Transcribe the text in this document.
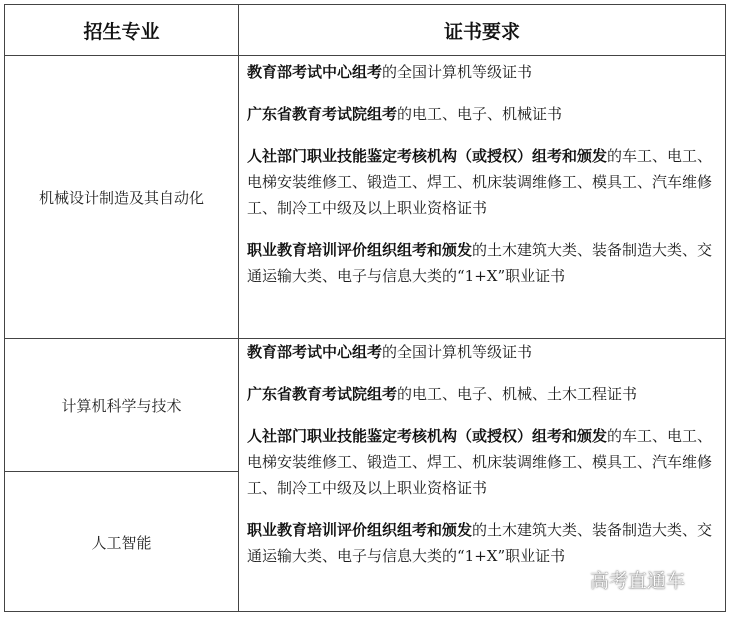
招生专业	证书要求
机械设计制造及其自动化
计算机科学与技术
人工智能

教育部考试中心组考的全国计算机等级证书

广东省教育考试院组考的电工、电子、机械证书

人社部门职业技能鉴定考核机构（或授权）组考和颁发的车工、电工、电梯安装维修工、锻造工、焊工、机床装调维修工、模具工、汽车维修工、制冷工中级及以上职业资格证书

职业教育培训评价组织组考和颁发的土木建筑大类、装备制造大类、交通运输大类、电子与信息大类的“1+X”职业证书

教育部考试中心组考的全国计算机等级证书

广东省教育考试院组考的电工、电子、机械、土木工程证书

人社部门职业技能鉴定考核机构（或授权）组考和颁发的车工、电工、电梯安装维修工、锻造工、焊工、机床装调维修工、模具工、汽车维修工、制冷工中级及以上职业资格证书

职业教育培训评价组织组考和颁发的土木建筑大类、装备制造大类、交通运输大类、电子与信息大类的“1+X”职业证书

高考直通车
